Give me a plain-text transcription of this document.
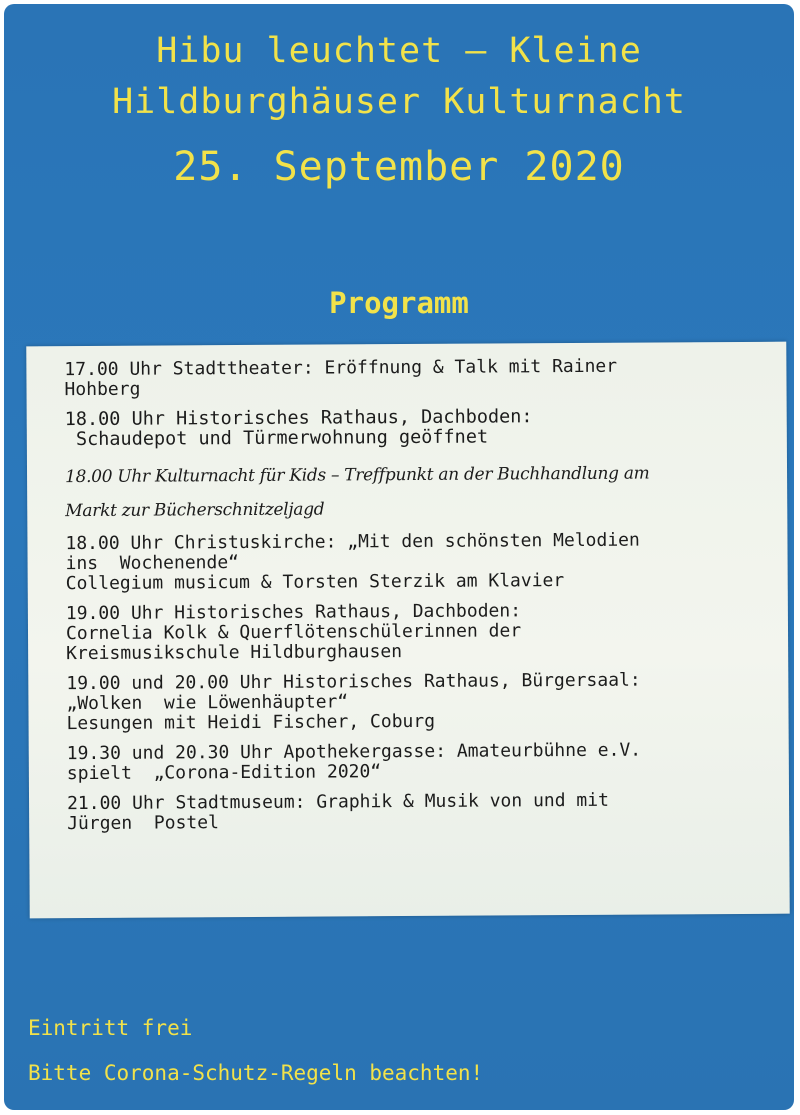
Hibu leuchtet – Kleine
Hildburghäuser Kulturnacht
25. September 2020
Programm
17.00 Uhr Stadttheater: Eröffnung & Talk mit Rainer
Hohberg
18.00 Uhr Historisches Rathaus, Dachboden:
Schaudepot und Türmerwohnung geöffnet
18.00 Uhr Kulturnacht für Kids – Treffpunkt an der Buchhandlung am
Markt zur Bücherschnitzeljagd
18.00 Uhr Christuskirche: „Mit den schönsten Melodien
ins  Wochenende“
Collegium musicum & Torsten Sterzik am Klavier
19.00 Uhr Historisches Rathaus, Dachboden:
Cornelia Kolk & Querflötenschülerinnen der
Kreismusikschule Hildburghausen
19.00 und 20.00 Uhr Historisches Rathaus, Bürgersaal:
„Wolken  wie Löwenhäupter“
Lesungen mit Heidi Fischer, Coburg
19.30 und 20.30 Uhr Apothekergasse: Amateurbühne e.V.
spielt  „Corona-Edition 2020“
21.00 Uhr Stadtmuseum: Graphik & Musik von und mit
Jürgen  Postel
Eintritt frei
Bitte Corona-Schutz-Regeln beachten!
